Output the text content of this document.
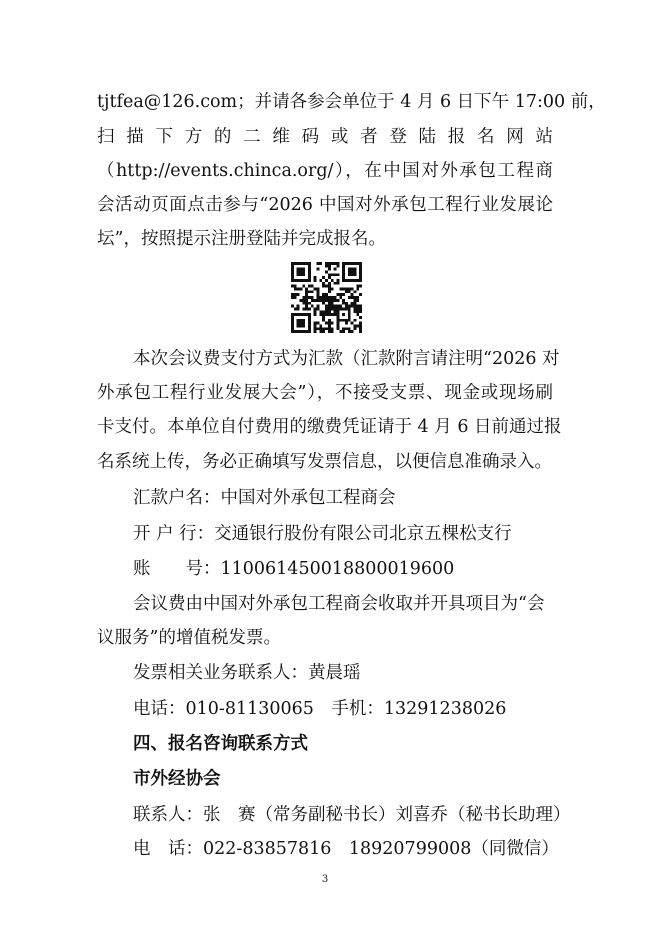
tjtfea@126.com；并请各参会单位于 4 月 6 日下午 17:00 前，

扫 描 下 方 的 二 维 码 或 者 登 陆 报 名 网 站

（http://events.chinca.org/），在中国对外承包工程商

会活动页面点击参与“2026 中国对外承包工程行业发展论

坛”，按照提示注册登陆并完成报名。

本次会议费支付方式为汇款（汇款附言请注明“2026 对

外承包工程行业发展大会”），不接受支票、现金或现场刷

卡支付。本单位自付费用的缴费凭证请于 4 月 6 日前通过报

名系统上传，务必正确填写发票信息，以便信息准确录入。

汇款户名：中国对外承包工程商会

开 户 行：交通银行股份有限公司北京五棵松支行

账　　号：110061450018800019600

会议费由中国对外承包工程商会收取并开具项目为“会

议服务”的增值税发票。

发票相关业务联系人：黄晨瑶

电话：010-81130065　手机：13291238026

四、报名咨询联系方式

市外经协会

联系人：张　赛（常务副秘书长）刘喜乔（秘书长助理）

电　话：022-83857816　18920799008（同微信）

3
